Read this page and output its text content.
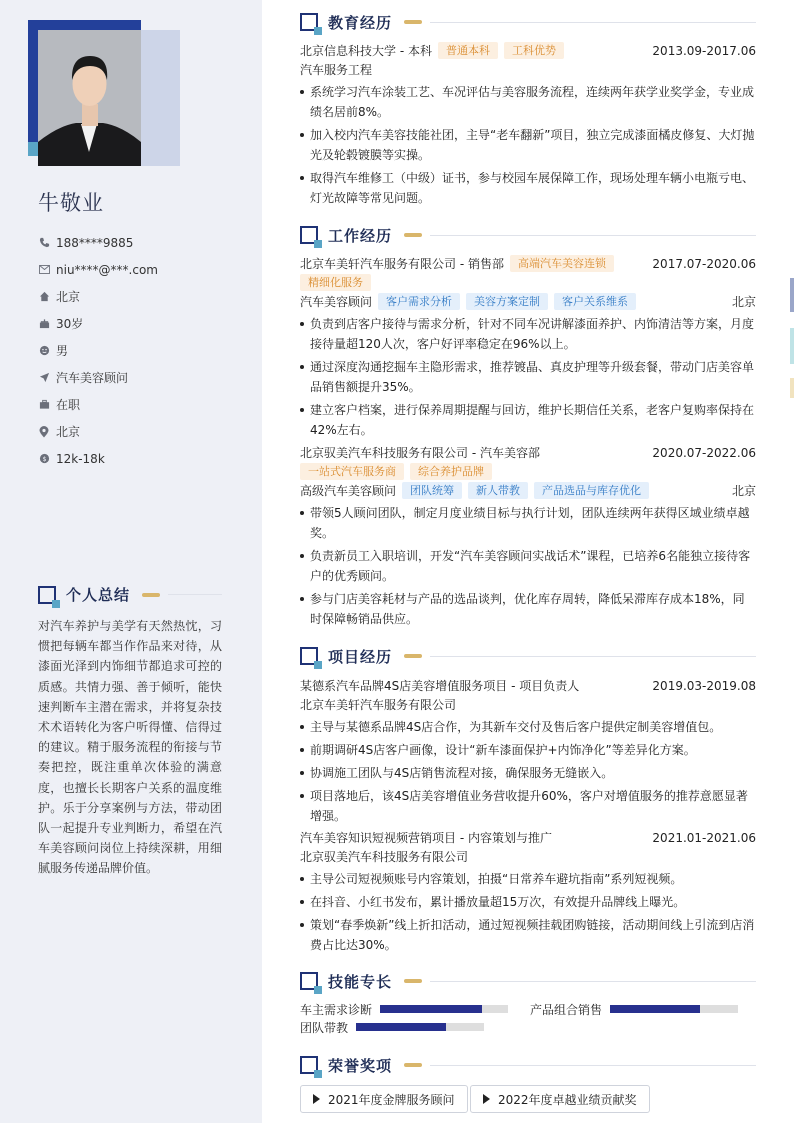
牛敬业
188****9885
niu****@***.com
北京
30岁
男
汽车美容顾问
在职
北京
$ 12k-18k
个人总结
对汽车养护与美学有天然热忱，习惯把每辆车都当作作品来对待，从漆面光泽到内饰细节都追求可控的质感。共情力强、善于倾听，能快速判断车主潜在需求，并将复杂技术术语转化为客户听得懂、信得过的建议。精于服务流程的衔接与节奏把控，既注重单次体验的满意度，也擅长长期客户关系的温度维护。乐于分享案例与方法，带动团队一起提升专业判断力，希望在汽车美容顾问岗位上持续深耕，用细腻服务传递品牌价值。
教育经历
北京信息科技大学 - 本科	普通本科	工科优势	2013.09-2017.06
汽车服务工程
系统学习汽车涂装工艺、车况评估与美容服务流程，连续两年获学业奖学金，专业成绩名居前8%。
加入校内汽车美容技能社团，主导“老车翻新”项目，独立完成漆面橘皮修复、大灯抛光及轮毂镀膜等实操。
取得汽车维修工（中级）证书，参与校园车展保障工作，现场处理车辆小电瓶亏电、灯光故障等常见问题。
工作经历
北京车美轩汽车服务有限公司 - 销售部	高端汽车美容连锁	2017.07-2020.06
精细化服务
汽车美容顾问	客户需求分析	美容方案定制	客户关系维系	北京
负责到店客户接待与需求分析，针对不同车况讲解漆面养护、内饰清洁等方案，月度接待量超120人次，客户好评率稳定在96%以上。
通过深度沟通挖掘车主隐形需求，推荐镀晶、真皮护理等升级套餐，带动门店美容单品销售额提升35%。
建立客户档案，进行保养周期提醒与回访，维护长期信任关系，老客户复购率保持在42%左右。
北京驭美汽车科技服务有限公司 - 汽车美容部	2020.07-2022.06
一站式汽车服务商	综合养护品牌
高级汽车美容顾问	团队统筹	新人带教	产品选品与库存优化	北京
带领5人顾问团队，制定月度业绩目标与执行计划，团队连续两年获得区域业绩卓越奖。
负责新员工入职培训，开发“汽车美容顾问实战话术”课程，已培养6名能独立接待客户的优秀顾问。
参与门店美容耗材与产品的选品谈判，优化库存周转，降低呆滞库存成本18%，同时保障畅销品供应。
项目经历
某德系汽车品牌4S店美容增值服务项目 - 项目负责人	2019.03-2019.08
北京车美轩汽车服务有限公司
主导与某德系品牌4S店合作，为其新车交付及售后客户提供定制美容增值包。
前期调研4S店客户画像，设计“新车漆面保护+内饰净化”等差异化方案。
协调施工团队与4S店销售流程对接，确保服务无缝嵌入。
项目落地后，该4S店美容增值业务营收提升60%，客户对增值服务的推荐意愿显著增强。
汽车美容知识短视频营销项目 - 内容策划与推广	2021.01-2021.06
北京驭美汽车科技服务有限公司
主导公司短视频账号内容策划，拍摄“日常养车避坑指南”系列短视频。
在抖音、小红书发布，累计播放量超15万次，有效提升品牌线上曝光。
策划“春季焕新”线上折扣活动，通过短视频挂载团购链接，活动期间线上引流到店消费占比达30%。
技能专长
车主需求诊断	产品组合销售
团队带教
荣誉奖项
2021年度金牌服务顾问	2022年度卓越业绩贡献奖
